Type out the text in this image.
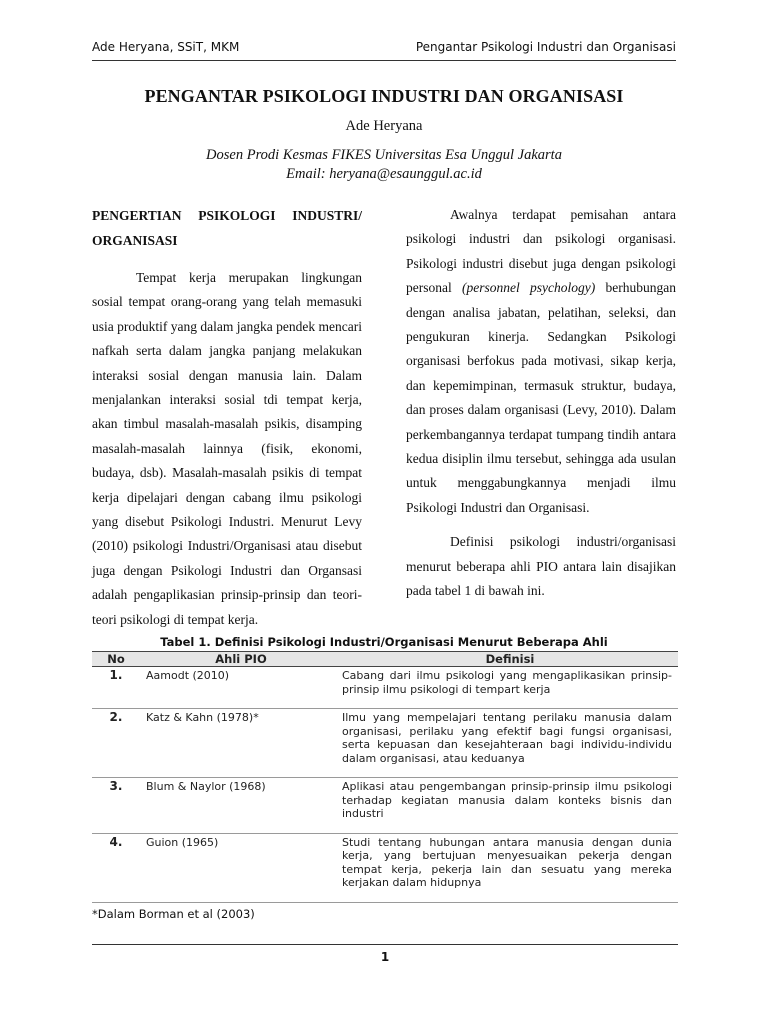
Ade Heryana, SSiT, MKM	Pengantar Psikologi Industri dan Organisasi
PENGANTAR PSIKOLOGI INDUSTRI DAN ORGANISASI
Ade Heryana
Dosen Prodi Kesmas FIKES Universitas Esa Unggul Jakarta
Email: heryana@esaunggul.ac.id

PENGERTIAN PSIKOLOGI INDUSTRI/ ORGANISASI

Tempat kerja merupakan lingkungan sosial tempat orang-orang yang telah memasuki usia produktif yang dalam jangka pendek mencari nafkah serta dalam jangka panjang melakukan interaksi sosial dengan manusia lain. Dalam menjalankan interaksi sosial tdi tempat kerja, akan timbul masalah-masalah psikis, disamping masalah-masalah lainnya (fisik, ekonomi, budaya, dsb). Masalah-masalah psikis di tempat kerja dipelajari dengan cabang ilmu psikologi yang disebut Psikologi Industri. Menurut Levy (2010) psikologi Industri/Organisasi atau disebut juga dengan Psikologi Industri dan Organsasi adalah pengaplikasian prinsip-prinsip dan teori-teori psikologi di tempat kerja.

Awalnya terdapat pemisahan antara psikologi industri dan psikologi organisasi. Psikologi industri disebut juga dengan psikologi personal (personnel psychology) berhubungan dengan analisa jabatan, pelatihan, seleksi, dan pengukuran kinerja. Sedangkan Psikologi organisasi berfokus pada motivasi, sikap kerja, dan kepemimpinan, termasuk struktur, budaya, dan proses dalam organisasi (Levy, 2010). Dalam perkembangannya terdapat tumpang tindih antara kedua disiplin ilmu tersebut, sehingga ada usulan untuk menggabungkannya menjadi ilmu Psikologi Industri dan Organisasi.

Definisi psikologi industri/organisasi menurut beberapa ahli PIO antara lain disajikan pada tabel 1 di bawah ini.

Tabel 1. Definisi Psikologi Industri/Organisasi Menurut Beberapa Ahli
No	Ahli PIO	Definisi
1.	Aamodt (2010)	Cabang dari ilmu psikologi yang mengaplikasikan prinsip-prinsip ilmu psikologi di tempart kerja
2.	Katz & Kahn (1978)*	Ilmu yang mempelajari tentang perilaku manusia dalam organisasi, perilaku yang efektif bagi fungsi organisasi, serta kepuasan dan kesejahteraan bagi individu-individu dalam organisasi, atau keduanya
3.	Blum & Naylor (1968)	Aplikasi atau pengembangan prinsip-prinsip ilmu psikologi terhadap kegiatan manusia dalam konteks bisnis dan industri
4.	Guion (1965)	Studi tentang hubungan antara manusia dengan dunia kerja, yang bertujuan menyesuaikan pekerja dengan tempat kerja, pekerja lain dan sesuatu yang mereka kerjakan dalam hidupnya
*Dalam Borman et al (2003)
1
